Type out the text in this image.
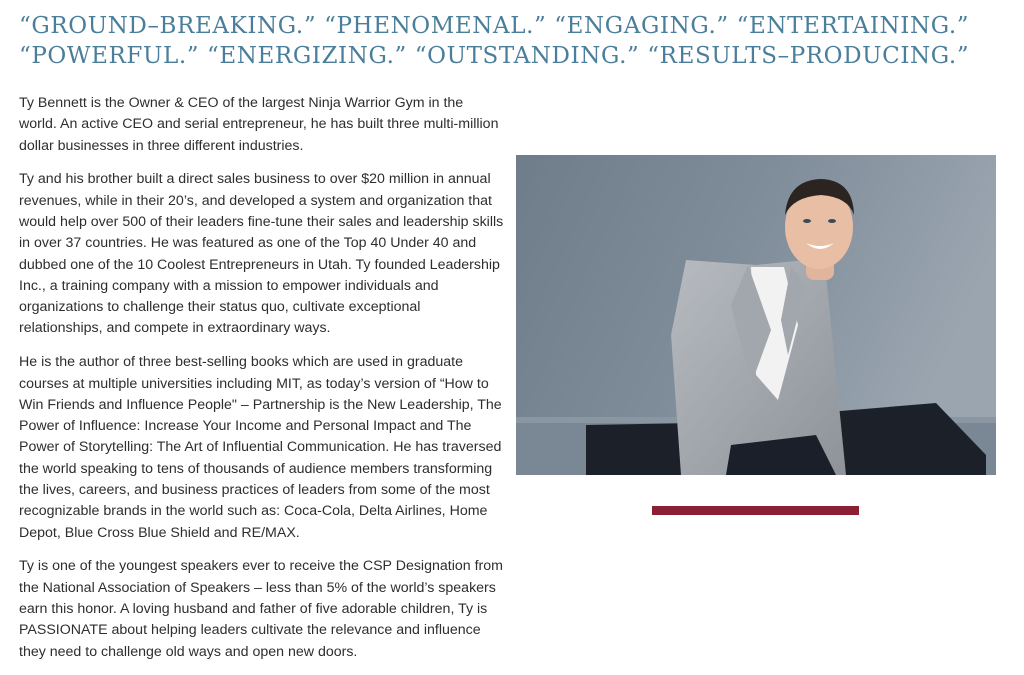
“GROUND–BREAKING.” “PHENOMENAL.” “ENGAGING.” “ENTERTAINING.”
“POWERFUL.” “ENERGIZING.” “OUTSTANDING.” “RESULTS–PRODUCING.”

Ty Bennett is the Owner & CEO of the largest Ninja Warrior Gym in the world. An active CEO and serial entrepreneur, he has built three multi-million dollar businesses in three different industries.

Ty and his brother built a direct sales business to over $20 million in annual revenues, while in their 20’s, and developed a system and organization that would help over 500 of their leaders fine-tune their sales and leadership skills in over 37 countries. He was featured as one of the Top 40 Under 40 and dubbed one of the 10 Coolest Entrepreneurs in Utah. Ty founded Leadership Inc., a training company with a mission to empower individuals and organizations to challenge their status quo, cultivate exceptional relationships, and compete in extraordinary ways.

He is the author of three best-selling books which are used in graduate courses at multiple universities including MIT, as today’s version of “How to Win Friends and Influence People" – Partnership is the New Leadership, The Power of Influence: Increase Your Income and Personal Impact and The Power of Storytelling: The Art of Influential Communication. He has traversed the world speaking to tens of thousands of audience members transforming the lives, careers, and business practices of leaders from some of the most recognizable brands in the world such as: Coca-Cola, Delta Airlines, Home Depot, Blue Cross Blue Shield and RE/MAX.

Ty is one of the youngest speakers ever to receive the CSP Designation from the National Association of Speakers – less than 5% of the world’s speakers earn this honor. A loving husband and father of five adorable children, Ty is PASSIONATE about helping leaders cultivate the relevance and influence they need to challenge old ways and open new doors.
